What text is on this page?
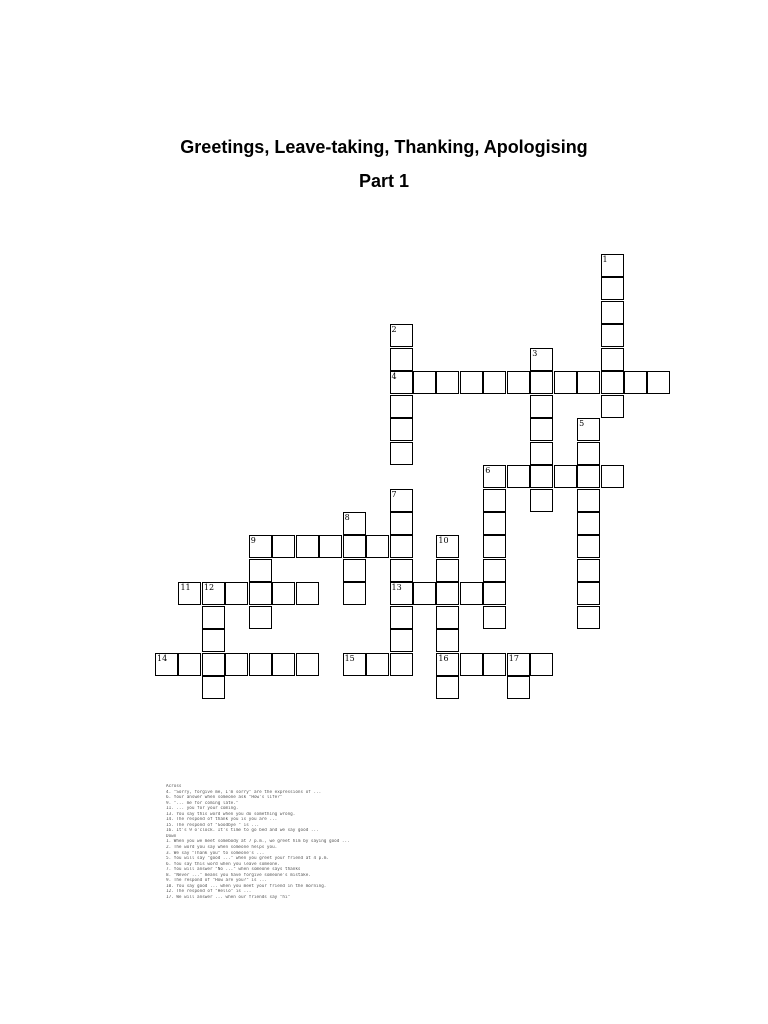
Greetings, Leave-taking, Thanking, Apologising
Part 1
1
2
3
4
5
6
7
8
9	10
11 12	13
14	15	16	17
Across
4. "Sorry, forgive me, I'm sorry" are the expressions of ...
6. Your answer when someone ask "How's life?"
9. "... me for coming late."
11. ... you for your coming.
13. You say this word when you do something wrong.
14. The respond of thank you is you are ...
15. The respond of "Goodbye " is ...
16. It's 9 o'clock. It's time to go bed and we say good ...
Down
1. When you we meet somebody at 7 p.m., we greet him by saying good ...
2. The word you say when someone helps you.
3. We say "Thank you" to someone's ...
5. You will say "good ..." when you greet your friend at 4 p.m.
6. You say this word when you leave someone.
7. You will answer "No ..." when someone says thanks
8. "Never ..." means you have forgive someone's mistake.
9. The respond of "How are you?" is ...
10. You say good ... when you meet your friend in the morning.
12. The respond of "Hello" is ...
17. We will answer ... when our friends say "hi"
